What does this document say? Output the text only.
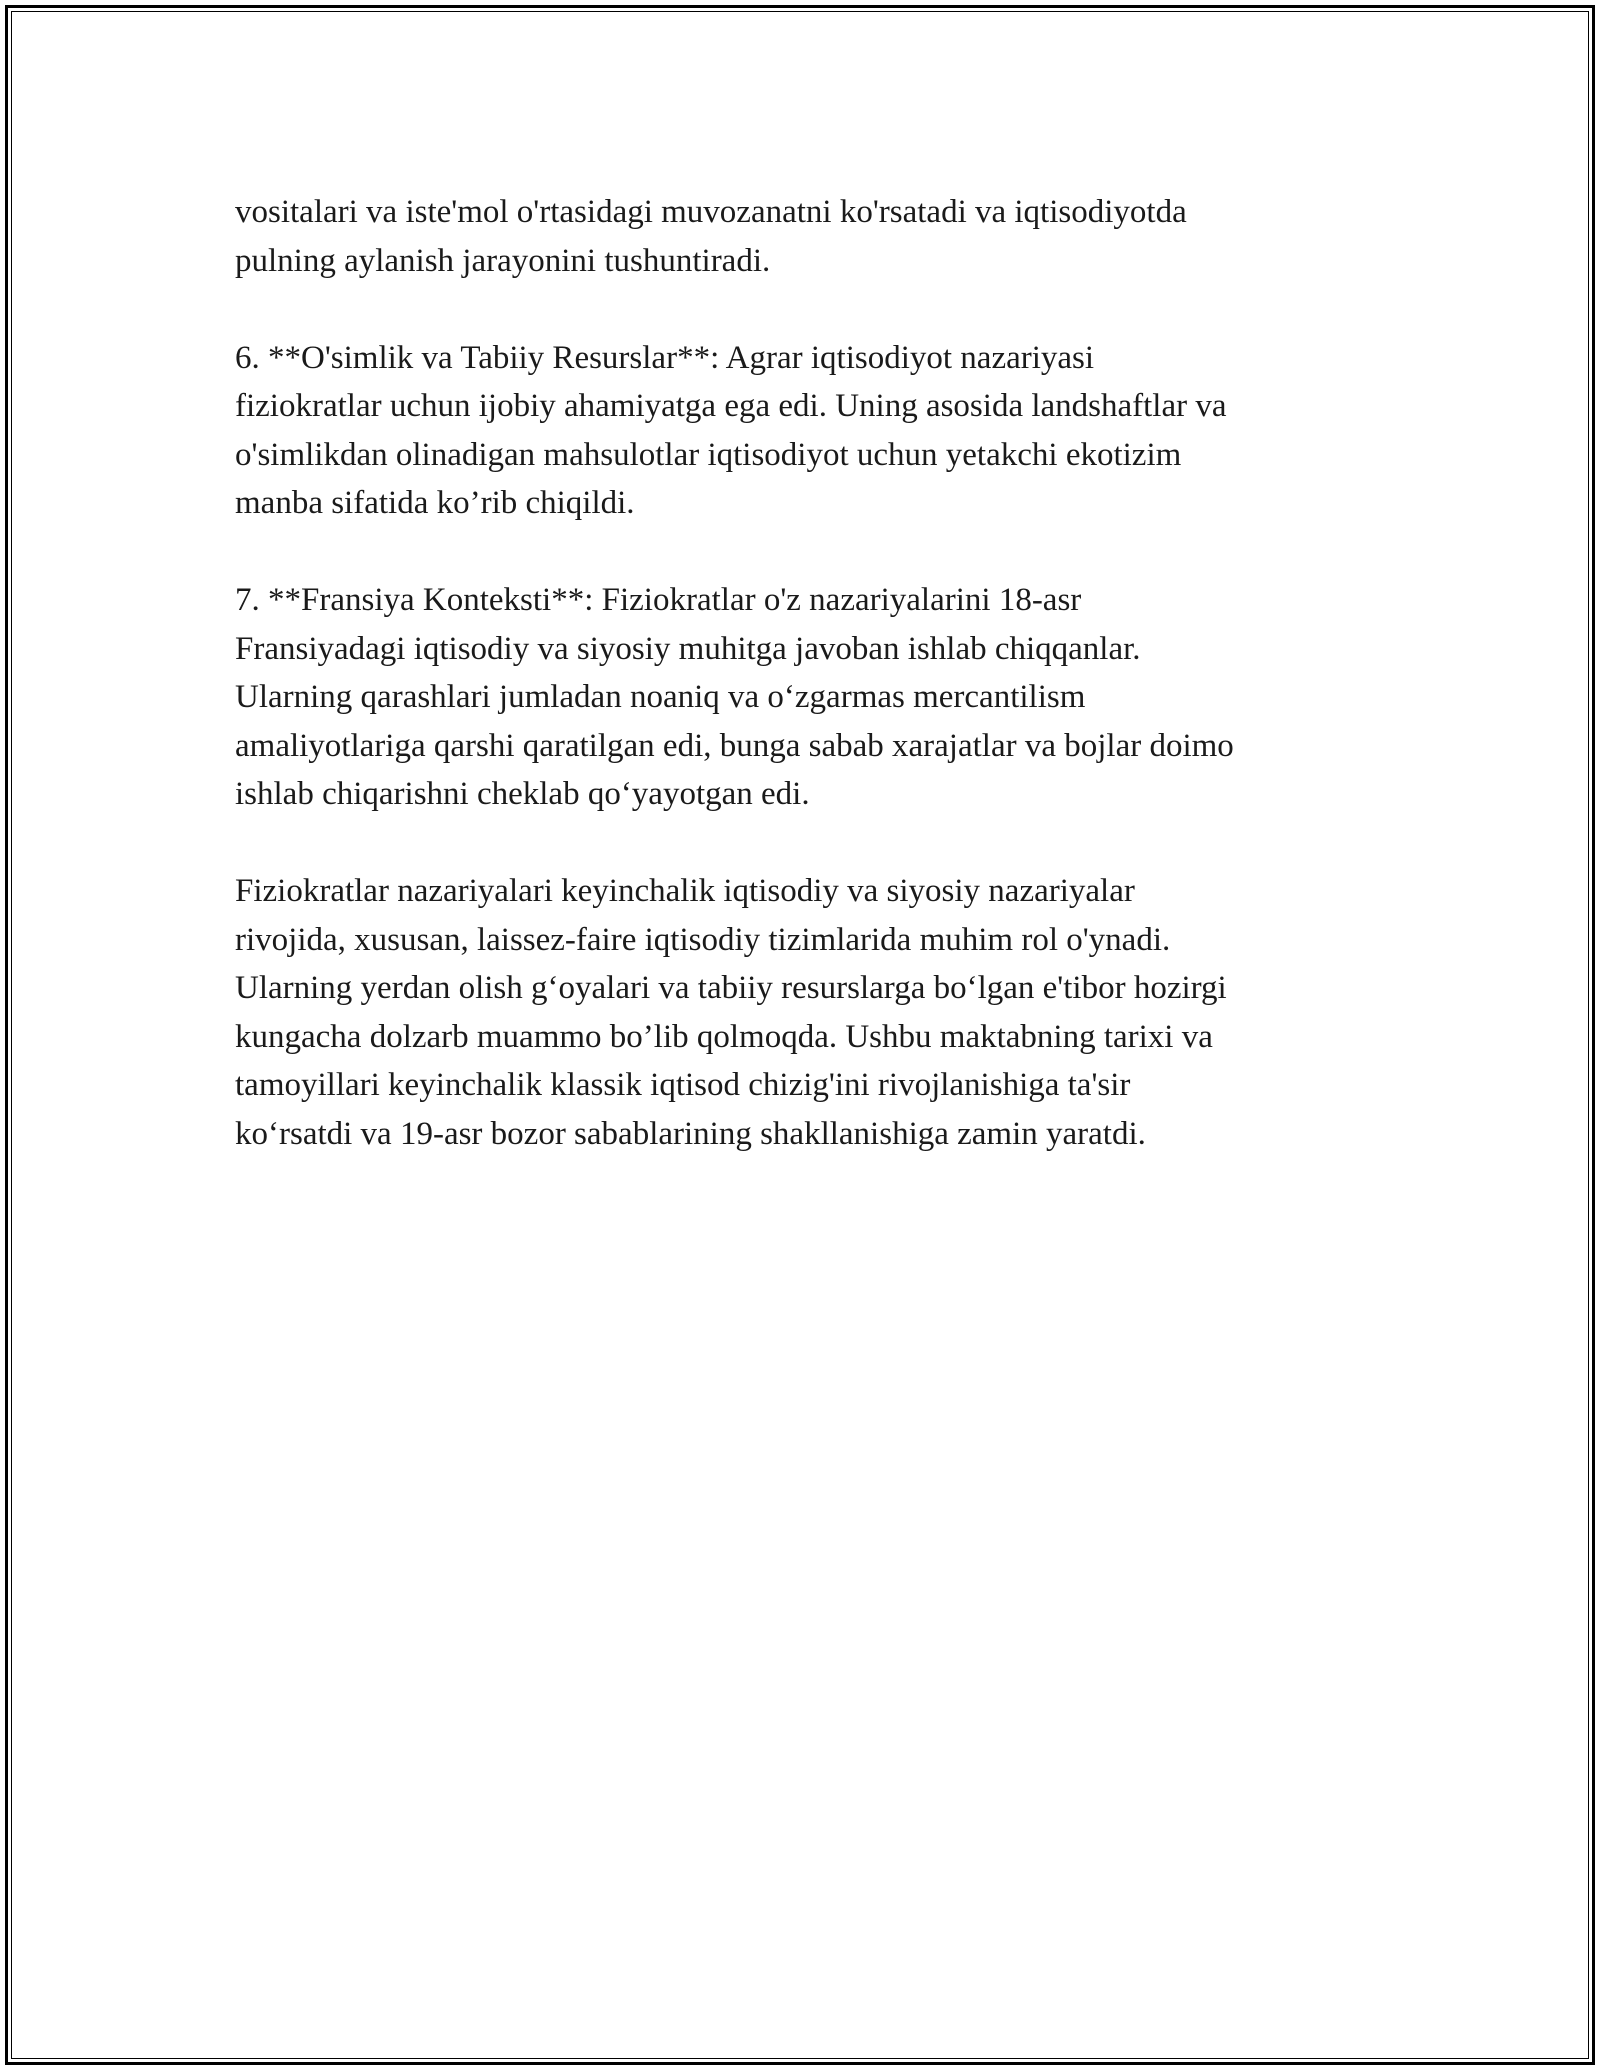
vositalari va iste'mol o'rtasidagi muvozanatni ko'rsatadi va iqtisodiyotda
pulning aylanish jarayonini tushuntiradi.

6. **O'simlik va Tabiiy Resurslar**: Agrar iqtisodiyot nazariyasi
fiziokratlar uchun ijobiy ahamiyatga ega edi. Uning asosida landshaftlar va
o'simlikdan olinadigan mahsulotlar iqtisodiyot uchun yetakchi ekotizim
manba sifatida ko’rib chiqildi.

7. **Fransiya Konteksti**: Fiziokratlar o'z nazariyalarini 18-asr
Fransiyadagi iqtisodiy va siyosiy muhitga javoban ishlab chiqqanlar.
Ularning qarashlari jumladan noaniq va o‘zgarmas mercantilism
amaliyotlariga qarshi qaratilgan edi, bunga sabab xarajatlar va bojlar doimo
ishlab chiqarishni cheklab qo‘yayotgan edi.

Fiziokratlar nazariyalari keyinchalik iqtisodiy va siyosiy nazariyalar
rivojida, xususan, laissez-faire iqtisodiy tizimlarida muhim rol o'ynadi.
Ularning yerdan olish g‘oyalari va tabiiy resurslarga bo‘lgan e'tibor hozirgi
kungacha dolzarb muammo bo’lib qolmoqda. Ushbu maktabning tarixi va
tamoyillari keyinchalik klassik iqtisod chizig'ini rivojlanishiga ta'sir
ko‘rsatdi va 19-asr bozor sabablarining shakllanishiga zamin yaratdi.
